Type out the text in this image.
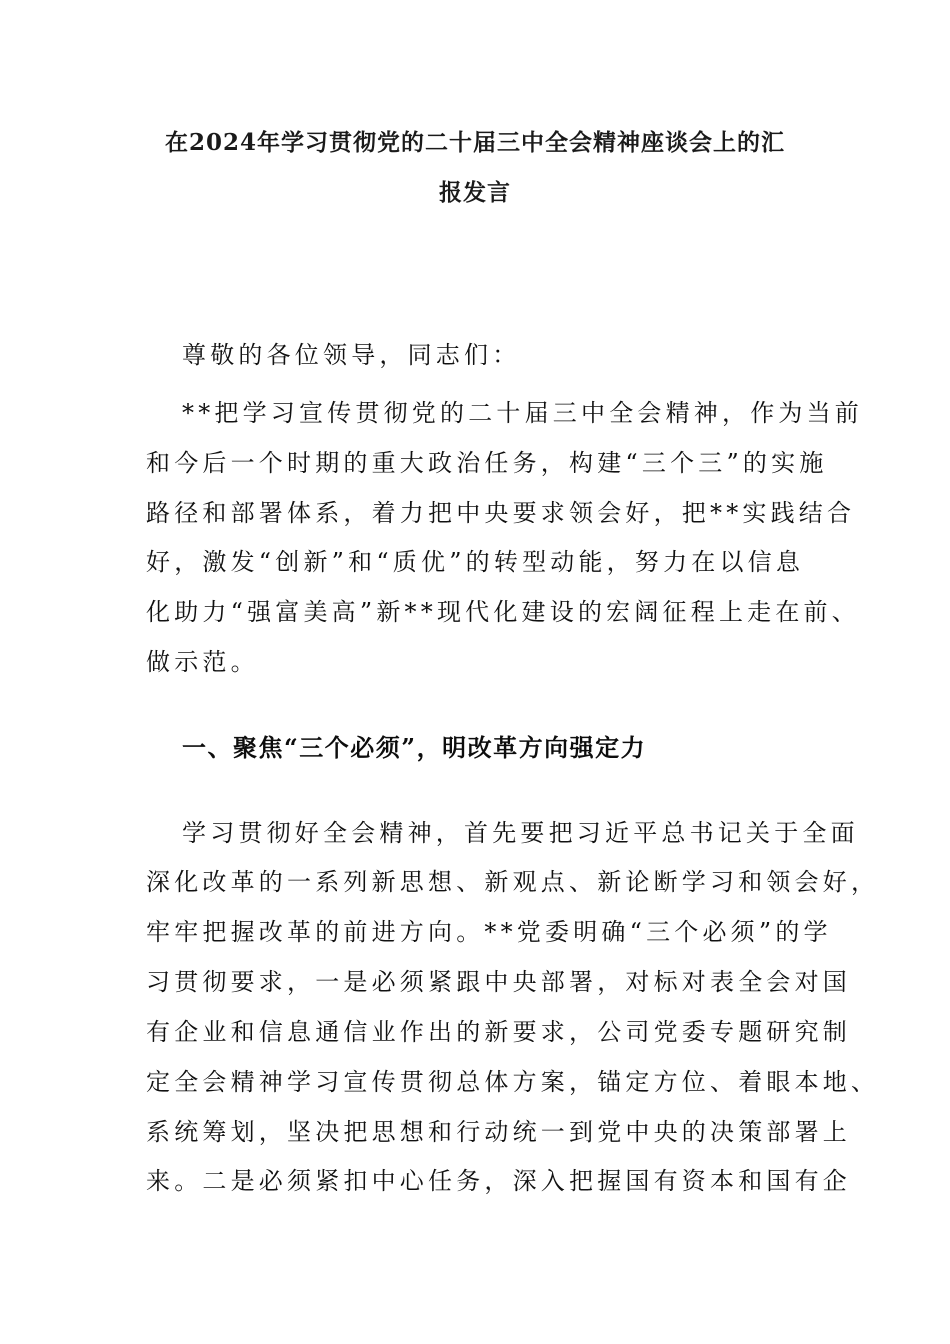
在2024年学习贯彻党的二十届三中全会精神座谈会上的汇
报发言
尊敬的各位领导，同志们：
**把学习宣传贯彻党的二十届三中全会精神，作为当前
和今后一个时期的重大政治任务，构建“三个三”的实施
路径和部署体系，着力把中央要求领会好，把**实践结合
好，激发“创新”和“质优”的转型动能，努力在以信息
化助力“强富美高”新**现代化建设的宏阔征程上走在前、
做示范。
一、聚焦“三个必须”，明改革方向强定力
学习贯彻好全会精神，首先要把习近平总书记关于全面
深化改革的一系列新思想、新观点、新论断学习和领会好，
牢牢把握改革的前进方向。**党委明确“三个必须”的学
习贯彻要求，一是必须紧跟中央部署，对标对表全会对国
有企业和信息通信业作出的新要求，公司党委专题研究制
定全会精神学习宣传贯彻总体方案，锚定方位、着眼本地、
系统筹划，坚决把思想和行动统一到党中央的决策部署上
来。二是必须紧扣中心任务，深入把握国有资本和国有企
